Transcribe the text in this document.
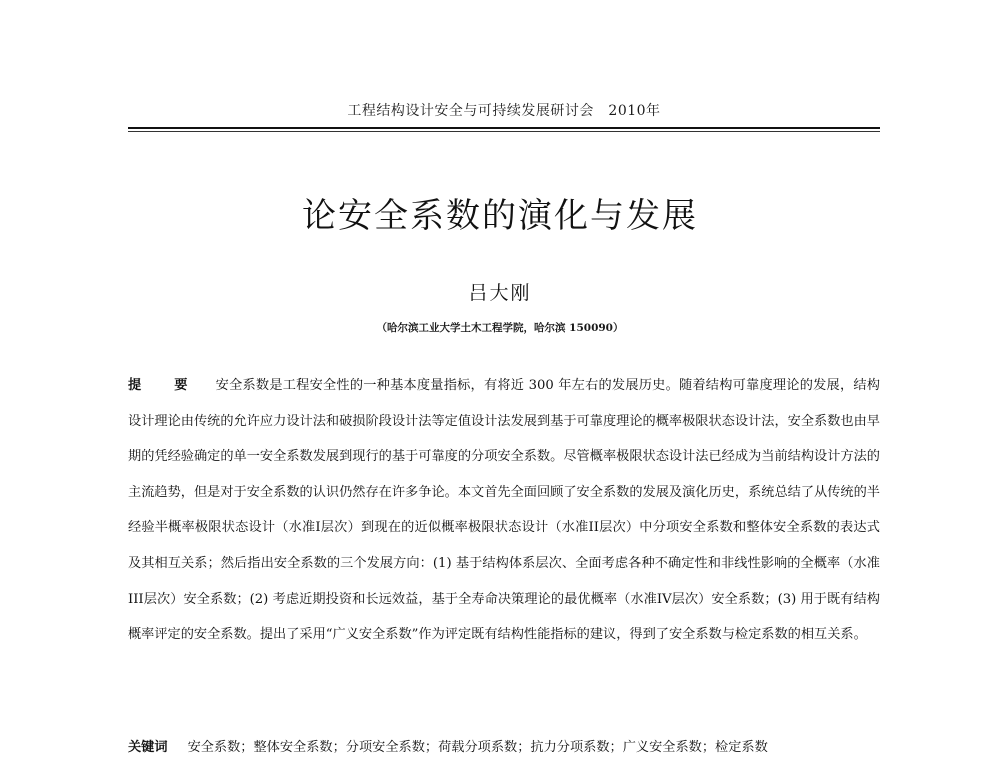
工程结构设计安全与可持续发展研讨会　2010年
论安全系数的演化与发展
吕大刚
（哈尔滨工业大学土木工程学院，哈尔滨 150090）
提 要 安全系数是工程安全性的一种基本度量指标，有将近 300 年左右的发展历史。随着结构可靠度理论的发展，结构设计理论由传统的允许应力设计法和破损阶段设计法等定值设计法发展到基于可靠度理论的概率极限状态设计法，安全系数也由早期的凭经验确定的单一安全系数发展到现行的基于可靠度的分项安全系数。尽管概率极限状态设计法已经成为当前结构设计方法的主流趋势，但是对于安全系数的认识仍然存在许多争论。本文首先全面回顾了安全系数的发展及演化历史，系统总结了从传统的半经验半概率极限状态设计（水准I层次）到现在的近似概率极限状态设计（水准II层次）中分项安全系数和整体安全系数的表达式及其相互关系；然后指出安全系数的三个发展方向：(1) 基于结构体系层次、全面考虑各种不确定性和非线性影响的全概率（水准III层次）安全系数；(2) 考虑近期投资和长远效益，基于全寿命决策理论的最优概率（水准IV层次）安全系数；(3) 用于既有结构概率评定的安全系数。提出了采用“广义安全系数”作为评定既有结构性能指标的建议，得到了安全系数与检定系数的相互关系。
关键词 安全系数；整体安全系数；分项安全系数；荷载分项系数；抗力分项系数；广义安全系数；检定系数
